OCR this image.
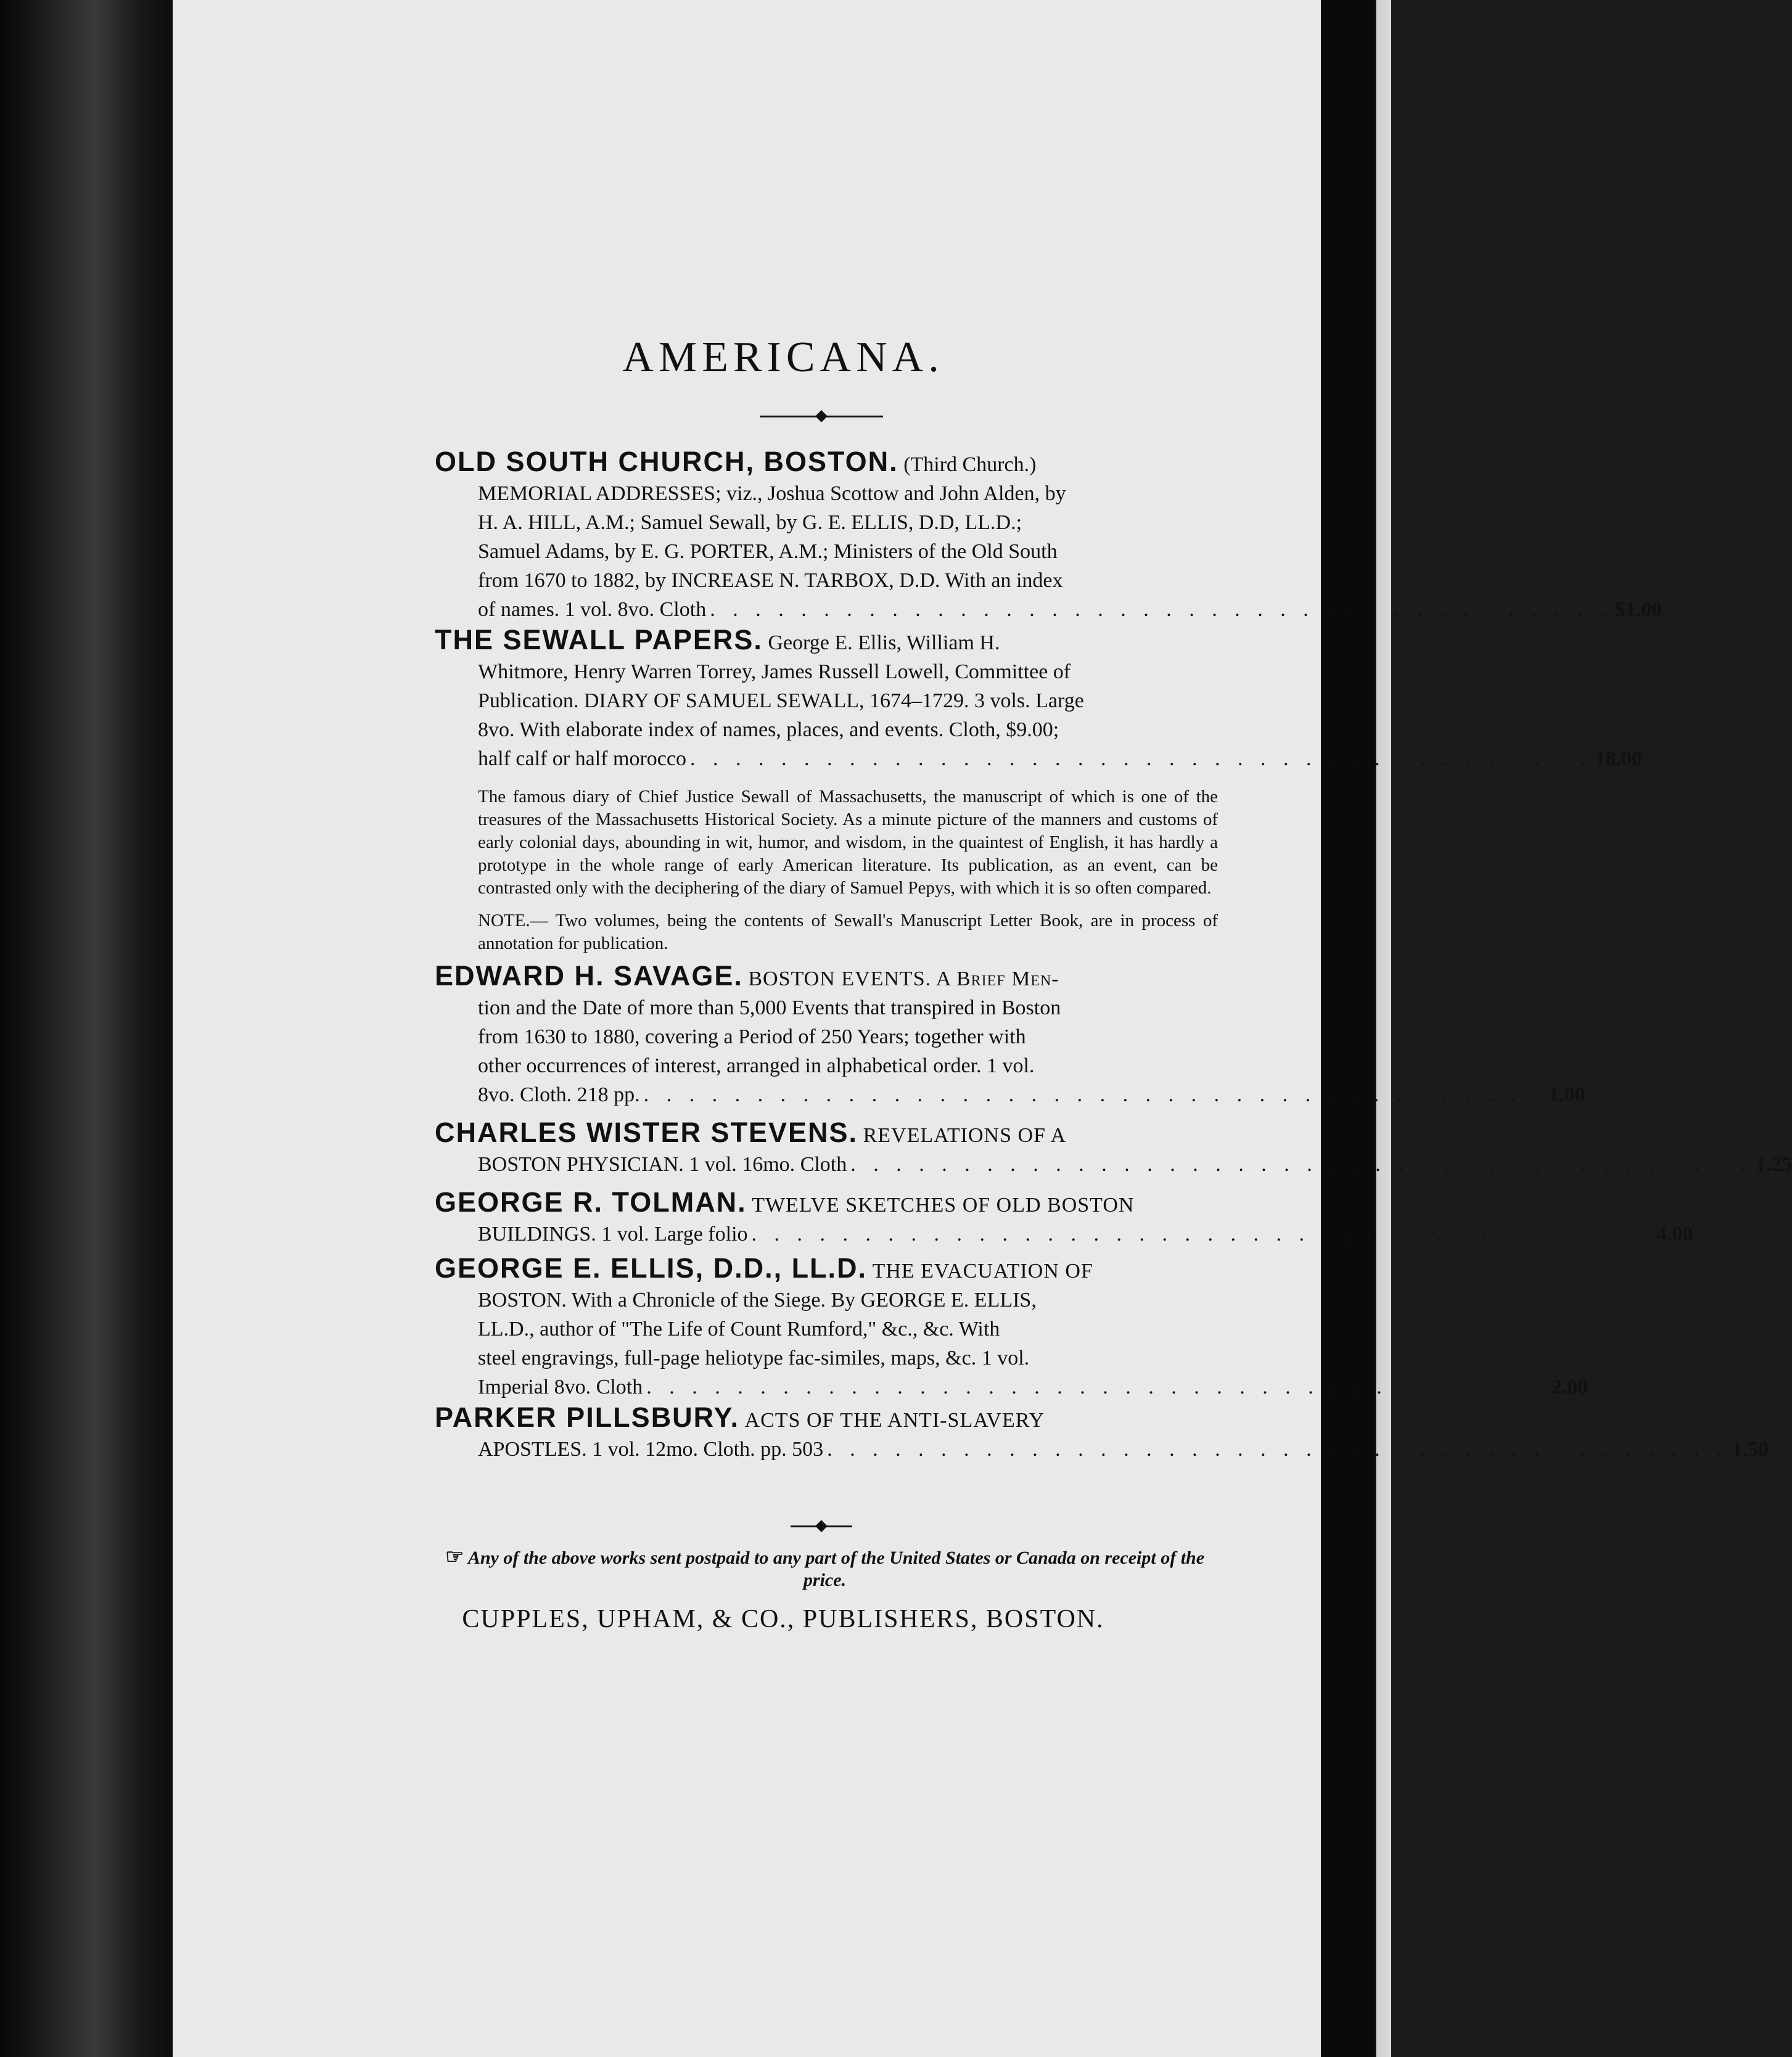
AMERICANA.
OLD SOUTH CHURCH, BOSTON. (Third Church.)
MEMORIAL ADDRESSES; viz., Joshua Scottow and John Alden, by
H. A. HILL, A.M.; Samuel Sewall, by G. E. ELLIS, D.D, LL.D.;
Samuel Adams, by E. G. PORTER, A.M.; Ministers of the Old South
from 1670 to 1882, by INCREASE N. TARBOX, D.D. With an index
of names. 1 vol. 8vo. Cloth . . . . . . . . . . . . . . . . . . . . . . . . . . . . . . . . . . . . . . . . $1.00
THE SEWALL PAPERS. George E. Ellis, William H.
Whitmore, Henry Warren Torrey, James Russell Lowell, Committee of
Publication. DIARY OF SAMUEL SEWALL, 1674–1729. 3 vols. Large
8vo. With elaborate index of names, places, and events. Cloth, $9.00;
half calf or half morocco . . . . . . . . . . . . . . . . . . . . . . . . . . . . . . . . . . . . . . . . 18.00
The famous diary of Chief Justice Sewall of Massachusetts, the manuscript of which is one of the treasures of the Massachusetts Historical Society. As a minute picture of the manners and customs of early colonial days, abounding in wit, humor, and wisdom, in the quaintest of English, it has hardly a prototype in the whole range of early American literature. Its publication, as an event, can be contrasted only with the deciphering of the diary of Samuel Pepys, with which it is so often compared.
NOTE.— Two volumes, being the contents of Sewall's Manuscript Letter Book, are in process of annotation for publication.
EDWARD H. SAVAGE. BOSTON EVENTS. A Brief Men-
tion and the Date of more than 5,000 Events that transpired in Boston
from 1630 to 1880, covering a Period of 250 Years; together with
other occurrences of interest, arranged in alphabetical order. 1 vol.
8vo. Cloth. 218 pp. . . . . . . . . . . . . . . . . . . . . . . . . . . . . . . . . . . . . . . . . 1.00
CHARLES WISTER STEVENS. REVELATIONS OF A
BOSTON PHYSICIAN. 1 vol. 16mo. Cloth . . . . . . . . . . . . . . . . . . . . . . . . . . . . . . . . . . . . . . . . 1.25
GEORGE R. TOLMAN. TWELVE SKETCHES OF OLD BOSTON
BUILDINGS. 1 vol. Large folio . . . . . . . . . . . . . . . . . . . . . . . . . . . . . . . . . . . . . . . . 4.00
GEORGE E. ELLIS, D.D., LL.D. THE EVACUATION OF
BOSTON. With a Chronicle of the Siege. By GEORGE E. ELLIS,
LL.D., author of "The Life of Count Rumford," &c., &c. With
steel engravings, full-page heliotype fac-similes, maps, &c. 1 vol.
Imperial 8vo. Cloth . . . . . . . . . . . . . . . . . . . . . . . . . . . . . . . . . . . . . . . . 2.00
PARKER PILLSBURY. ACTS OF THE ANTI-SLAVERY
APOSTLES. 1 vol. 12mo. Cloth. pp. 503 . . . . . . . . . . . . . . . . . . . . . . . . . . . . . . . . . . . . . . . . 1.50
☞ Any of the above works sent postpaid to any part of the United States or Canada on receipt of the price.
CUPPLES, UPHAM, & CO., PUBLISHERS, BOSTON.
